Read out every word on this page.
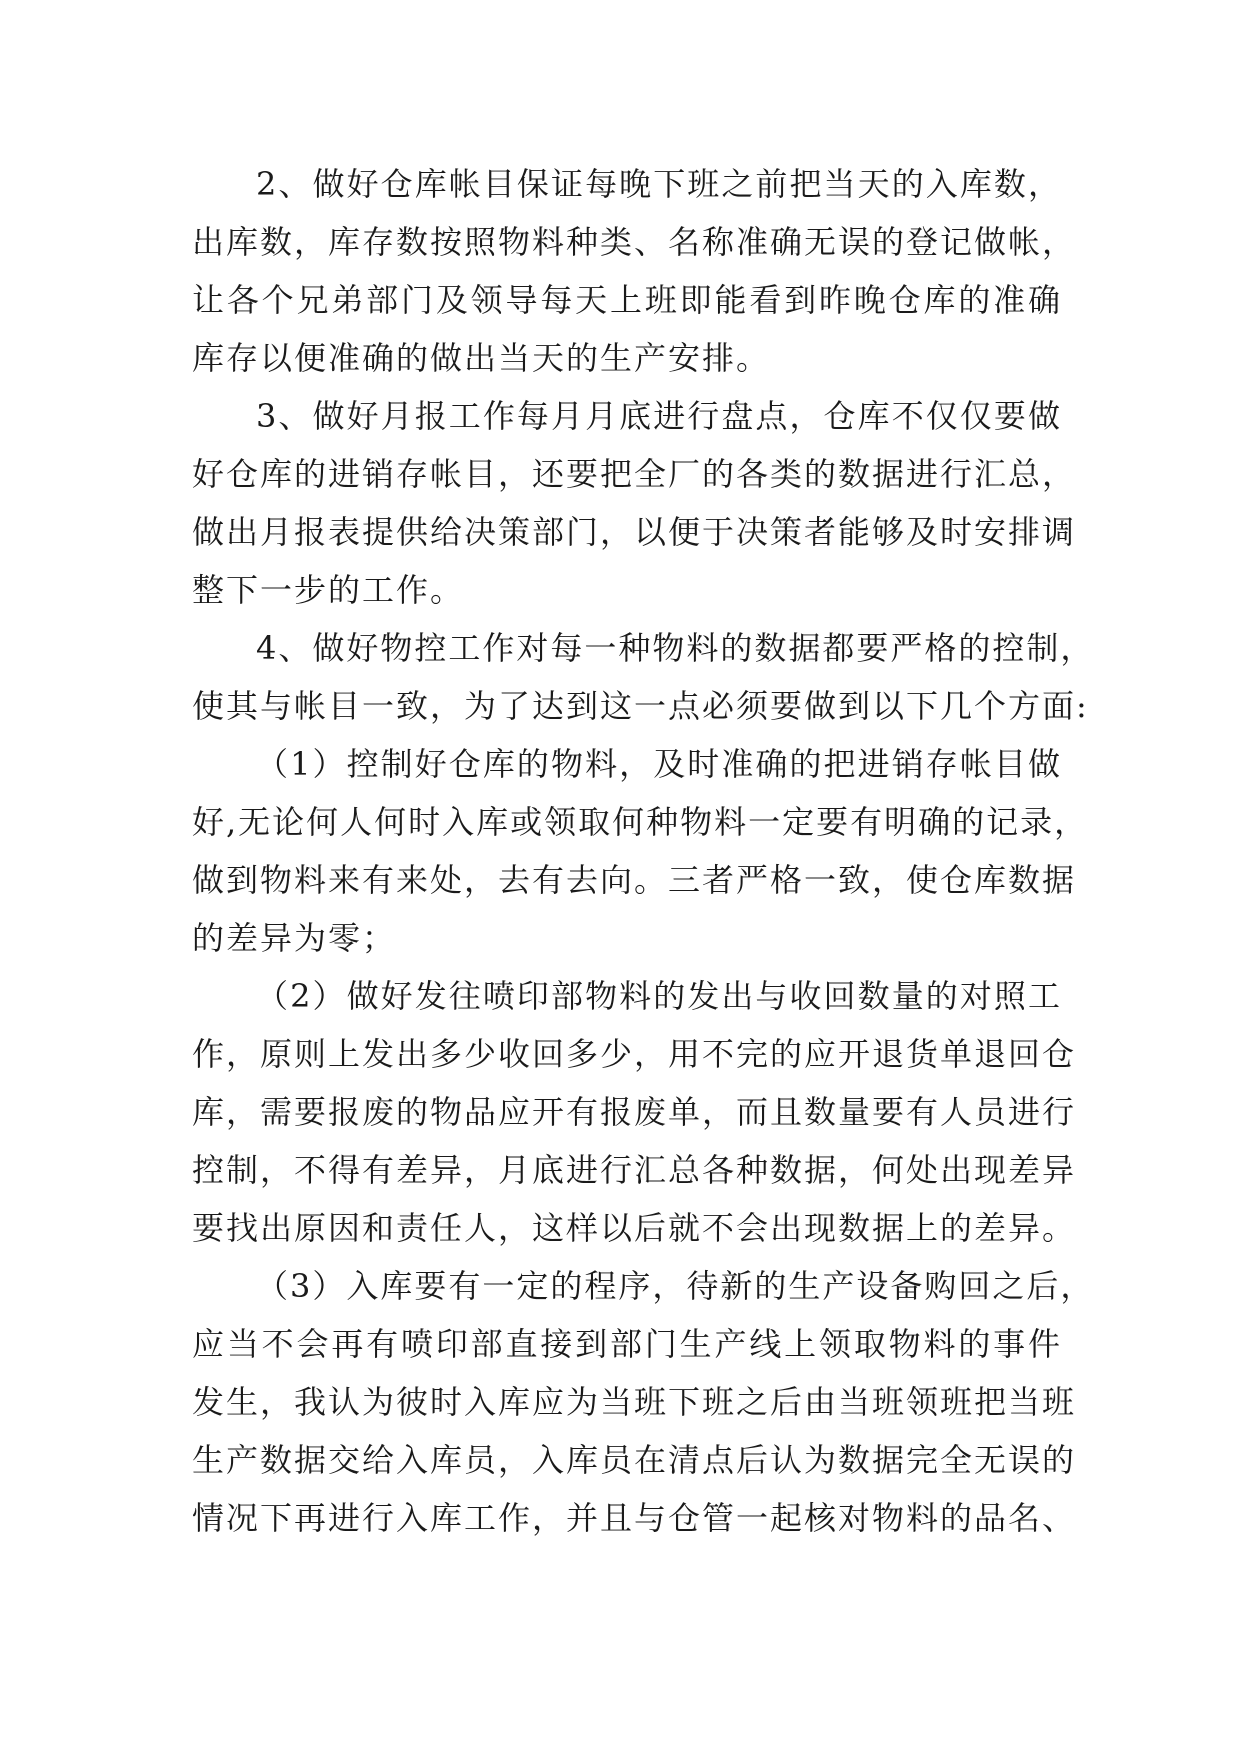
2、做好仓库帐目保证每晚下班之前把当天的入库数，
出库数，库存数按照物料种类、名称准确无误的登记做帐，
让各个兄弟部门及领导每天上班即能看到昨晚仓库的准确
库存以便准确的做出当天的生产安排。
3、做好月报工作每月月底进行盘点，仓库不仅仅要做
好仓库的进销存帐目，还要把全厂的各类的数据进行汇总，
做出月报表提供给决策部门，以便于决策者能够及时安排调
整下一步的工作。
4、做好物控工作对每一种物料的数据都要严格的控制，
使其与帐目一致，为了达到这一点必须要做到以下几个方面:
（1）控制好仓库的物料，及时准确的把进销存帐目做
好,无论何人何时入库或领取何种物料一定要有明确的记录，
做到物料来有来处，去有去向。三者严格一致，使仓库数据
的差异为零；
（2）做好发往喷印部物料的发出与收回数量的对照工
作，原则上发出多少收回多少，用不完的应开退货单退回仓
库，需要报废的物品应开有报废单，而且数量要有人员进行
控制，不得有差异，月底进行汇总各种数据，何处出现差异
要找出原因和责任人，这样以后就不会出现数据上的差异。
（3）入库要有一定的程序，待新的生产设备购回之后，
应当不会再有喷印部直接到部门生产线上领取物料的事件
发生，我认为彼时入库应为当班下班之后由当班领班把当班
生产数据交给入库员，入库员在清点后认为数据完全无误的
情况下再进行入库工作，并且与仓管一起核对物料的品名、
